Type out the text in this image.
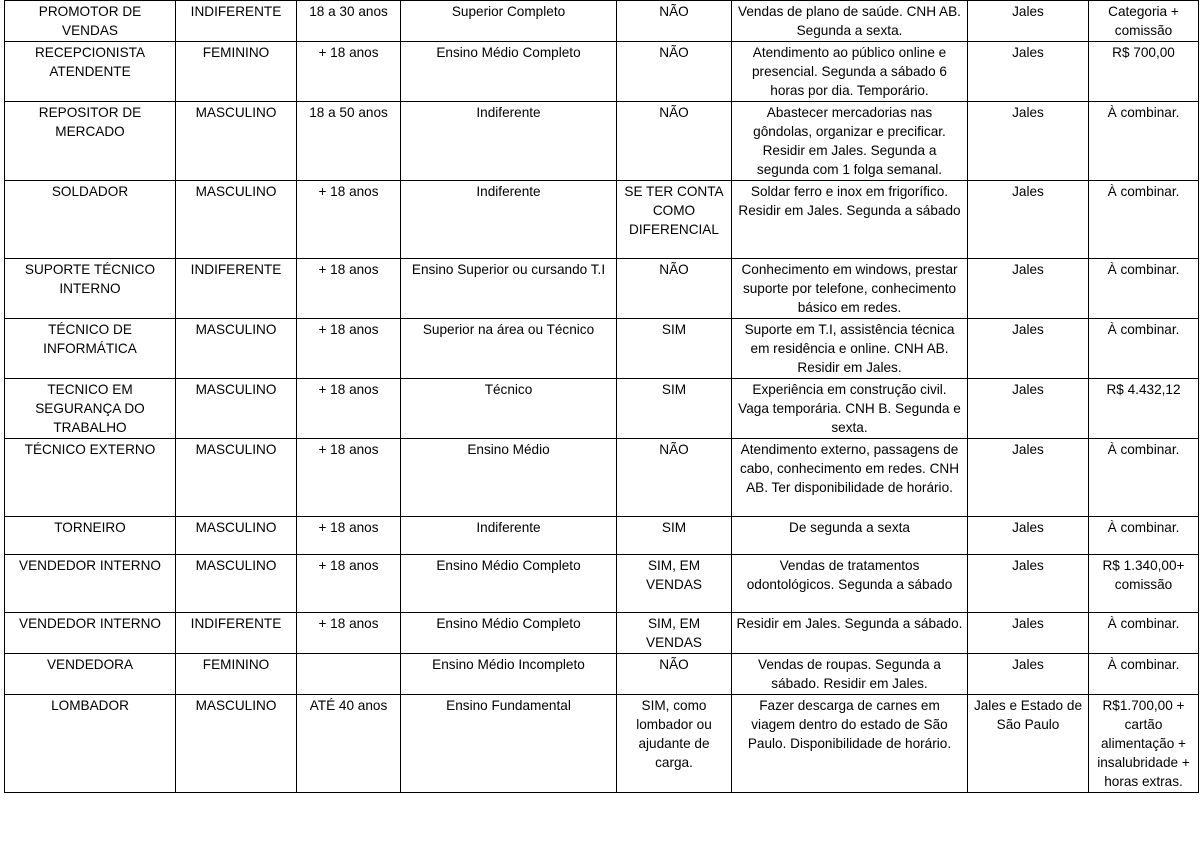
PROMOTOR DE VENDAS	INDIFERENTE	18 a 30 anos	Superior Completo	NÃO	Vendas de plano de saúde. CNH AB. Segunda a sexta.	Jales	Categoria + comissão
RECEPCIONISTA ATENDENTE	FEMININO	+ 18 anos	Ensino Médio Completo	NÃO	Atendimento ao público online e presencial. Segunda a sábado 6 horas por dia. Temporário.	Jales	R$ 700,00
REPOSITOR DE MERCADO	MASCULINO	18 a 50 anos	Indiferente	NÃO	Abastecer mercadorias nas gôndolas, organizar e precificar. Residir em Jales. Segunda a segunda com 1 folga semanal.	Jales	À combinar.
SOLDADOR	MASCULINO	+ 18 anos	Indiferente	SE TER CONTA COMO DIFERENCIAL	Soldar ferro e inox em frigorífico. Residir em Jales. Segunda a sábado	Jales	À combinar.
SUPORTE TÉCNICO INTERNO	INDIFERENTE	+ 18 anos	Ensino Superior ou cursando T.I	NÃO	Conhecimento em windows, prestar suporte por telefone, conhecimento básico em redes.	Jales	À combinar.
TÉCNICO DE INFORMÁTICA	MASCULINO	+ 18 anos	Superior na área ou Técnico	SIM	Suporte em T.I, assistência técnica em residência e online. CNH AB. Residir em Jales.	Jales	À combinar.
TECNICO EM SEGURANÇA DO TRABALHO	MASCULINO	+ 18 anos	Técnico	SIM	Experiência em construção civil. Vaga temporária. CNH B. Segunda e sexta.	Jales	R$ 4.432,12
TÉCNICO EXTERNO	MASCULINO	+ 18 anos	Ensino Médio	NÃO	Atendimento externo, passagens de cabo, conhecimento em redes. CNH AB. Ter disponibilidade de horário.	Jales	À combinar.
TORNEIRO	MASCULINO	+ 18 anos	Indiferente	SIM	De segunda a sexta	Jales	À combinar.
VENDEDOR INTERNO	MASCULINO	+ 18 anos	Ensino Médio Completo	SIM, EM VENDAS	Vendas de tratamentos odontológicos. Segunda a sábado	Jales	R$ 1.340,00+ comissão
VENDEDOR INTERNO	INDIFERENTE	+ 18 anos	Ensino Médio Completo	SIM, EM VENDAS	Residir em Jales. Segunda a sábado.	Jales	À combinar.
VENDEDORA	FEMININO		Ensino Médio Incompleto	NÃO	Vendas de roupas. Segunda a sábado. Residir em Jales.	Jales	À combinar.
LOMBADOR	MASCULINO	ATÉ 40 anos	Ensino Fundamental	SIM, como lombador ou ajudante de carga.	Fazer descarga de carnes em viagem dentro do estado de São Paulo. Disponibilidade de horário.	Jales e Estado de São Paulo	R$1.700,00 + cartão alimentação + insalubridade + horas extras.
